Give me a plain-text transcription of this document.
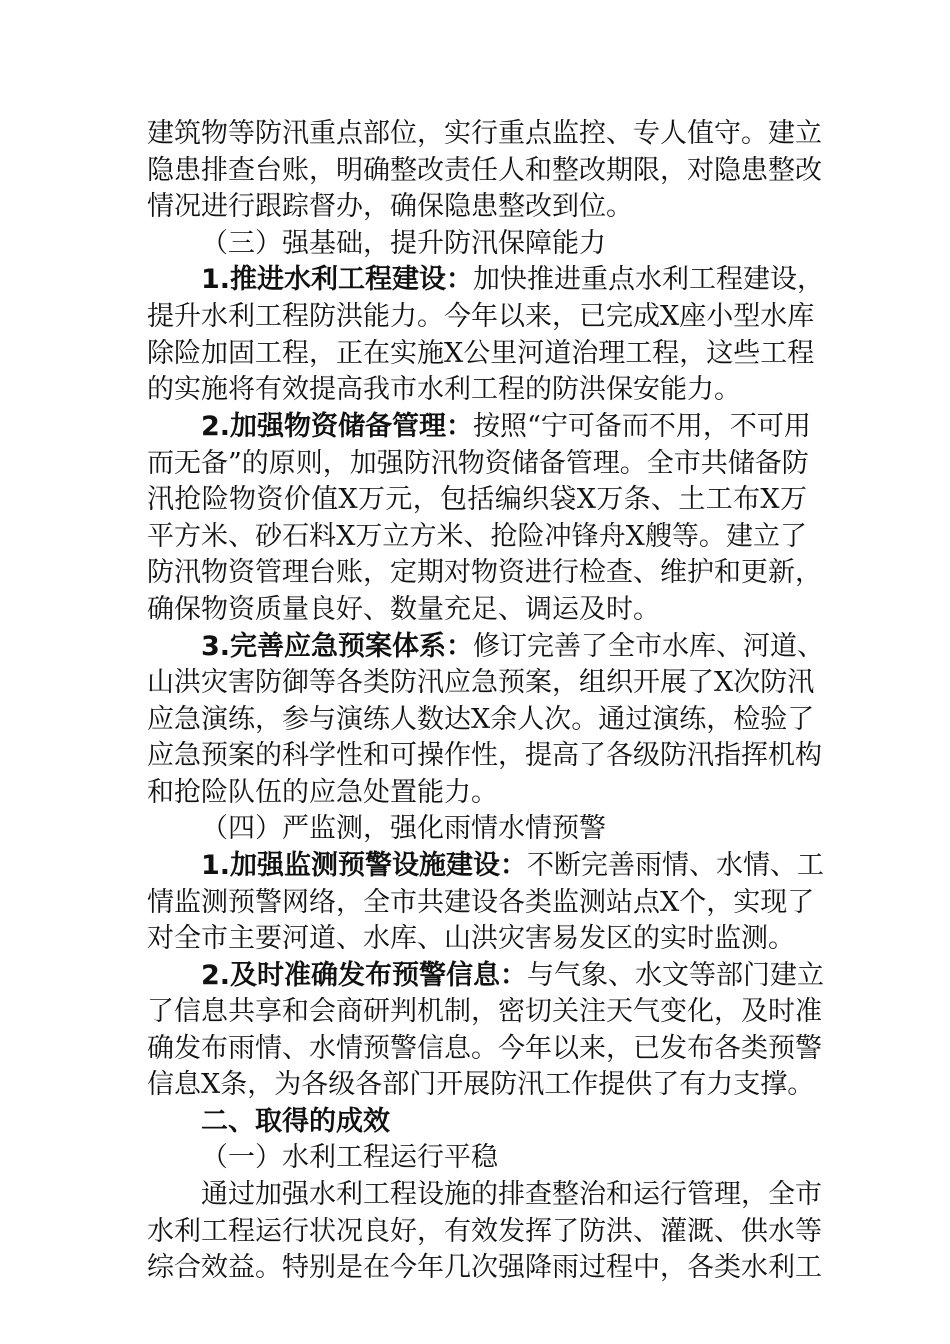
建筑物等防汛重点部位，实行重点监控、专人值守。建立
隐患排查台账，明确整改责任人和整改期限，对隐患整改
情况进行跟踪督办，确保隐患整改到位。
（三）强基础，提升防汛保障能力
1.推进水利工程建设：加快推进重点水利工程建设，
提升水利工程防洪能力。今年以来，已完成X座小型水库
除险加固工程，正在实施X公里河道治理工程，这些工程
的实施将有效提高我市水利工程的防洪保安能力。
2.加强物资储备管理：按照“宁可备而不用，不可用
而无备”的原则，加强防汛物资储备管理。全市共储备防
汛抢险物资价值X万元，包括编织袋X万条、土工布X万
平方米、砂石料X万立方米、抢险冲锋舟X艘等。建立了
防汛物资管理台账，定期对物资进行检查、维护和更新，
确保物资质量良好、数量充足、调运及时。
3.完善应急预案体系：修订完善了全市水库、河道、
山洪灾害防御等各类防汛应急预案，组织开展了X次防汛
应急演练，参与演练人数达X余人次。通过演练，检验了
应急预案的科学性和可操作性，提高了各级防汛指挥机构
和抢险队伍的应急处置能力。
（四）严监测，强化雨情水情预警
1.加强监测预警设施建设：不断完善雨情、水情、工
情监测预警网络，全市共建设各类监测站点X个，实现了
对全市主要河道、水库、山洪灾害易发区的实时监测。
2.及时准确发布预警信息：与气象、水文等部门建立
了信息共享和会商研判机制，密切关注天气变化，及时准
确发布雨情、水情预警信息。今年以来，已发布各类预警
信息X条，为各级各部门开展防汛工作提供了有力支撑。
二、取得的成效
（一）水利工程运行平稳
通过加强水利工程设施的排查整治和运行管理，全市
水利工程运行状况良好，有效发挥了防洪、灌溉、供水等
综合效益。特别是在今年几次强降雨过程中，各类水利工
